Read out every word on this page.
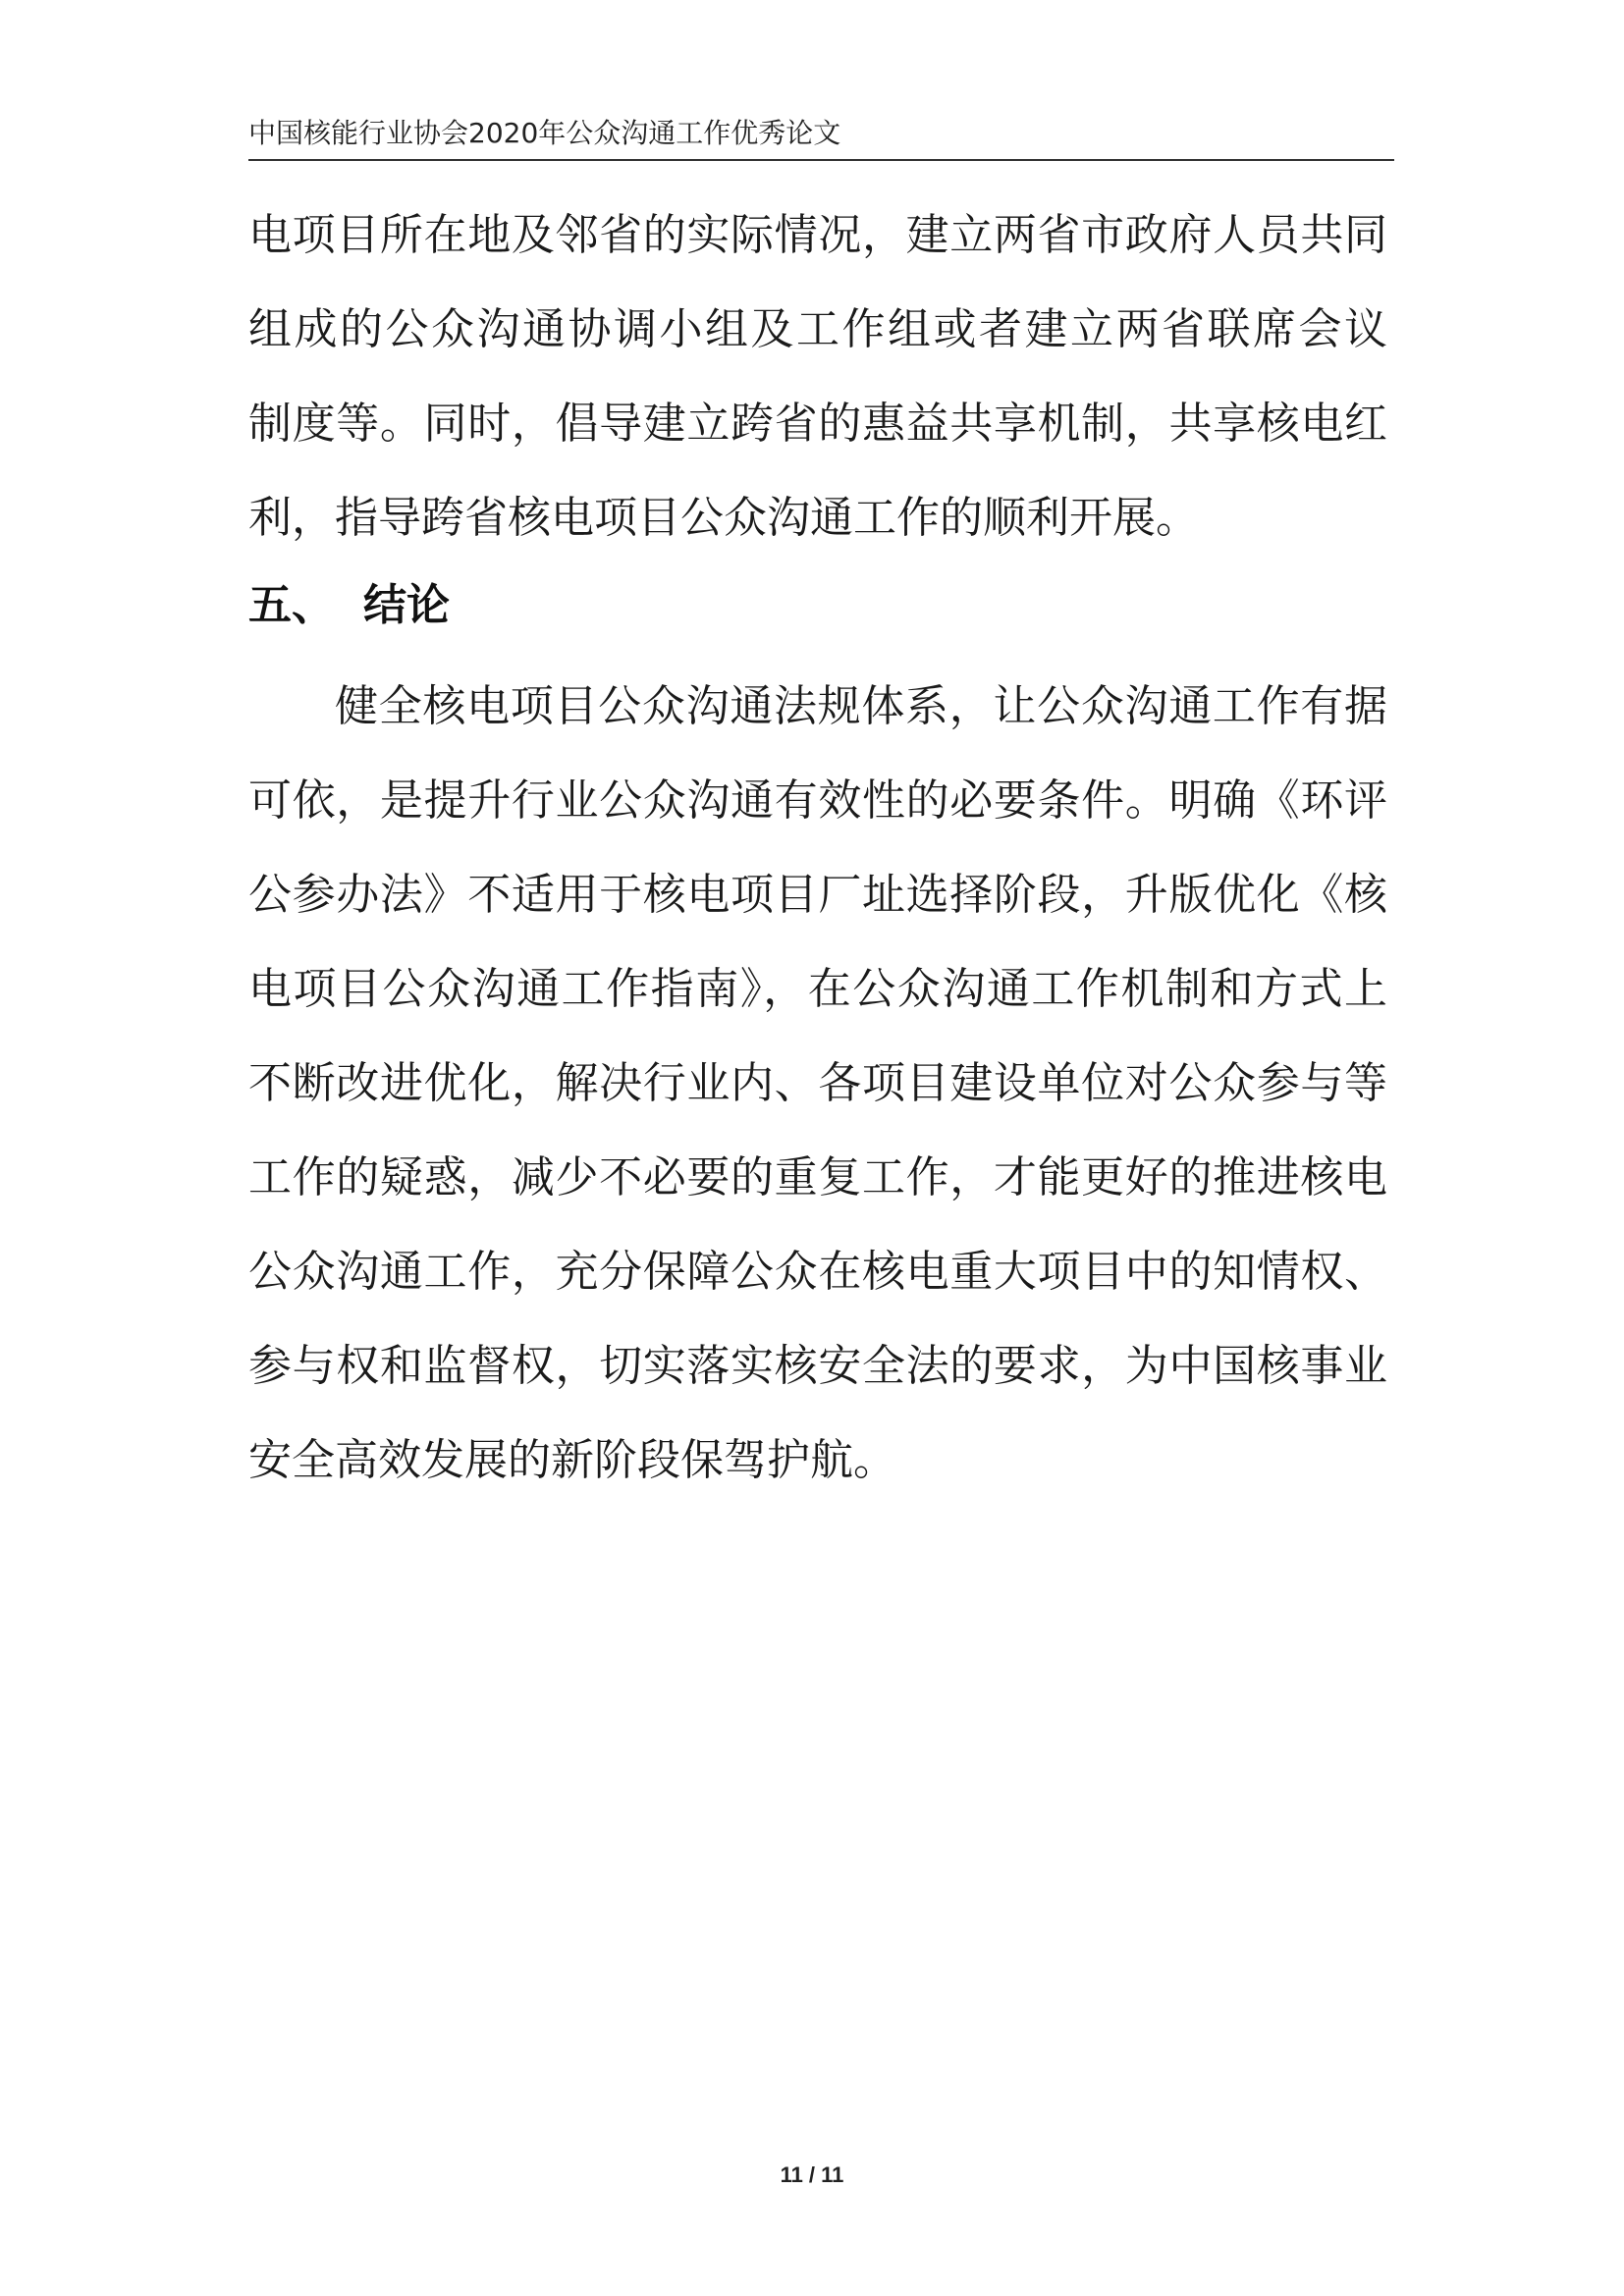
中国核能行业协会2020年公众沟通工作优秀论文
电项目所在地及邻省的实际情况，建立两省市政府人员共同
组成的公众沟通协调小组及工作组或者建立两省联席会议
制度等。同时，倡导建立跨省的惠益共享机制，共享核电红
利，指导跨省核电项目公众沟通工作的顺利开展。
五、 结论
健全核电项目公众沟通法规体系，让公众沟通工作有据
可依，是提升行业公众沟通有效性的必要条件。明确《环评
公参办法》不适用于核电项目厂址选择阶段，升版优化《核
电项目公众沟通工作指南》，在公众沟通工作机制和方式上
不断改进优化，解决行业内、各项目建设单位对公众参与等
工作的疑惑，减少不必要的重复工作，才能更好的推进核电
公众沟通工作，充分保障公众在核电重大项目中的知情权、
参与权和监督权，切实落实核安全法的要求，为中国核事业
安全高效发展的新阶段保驾护航。
11 / 11
